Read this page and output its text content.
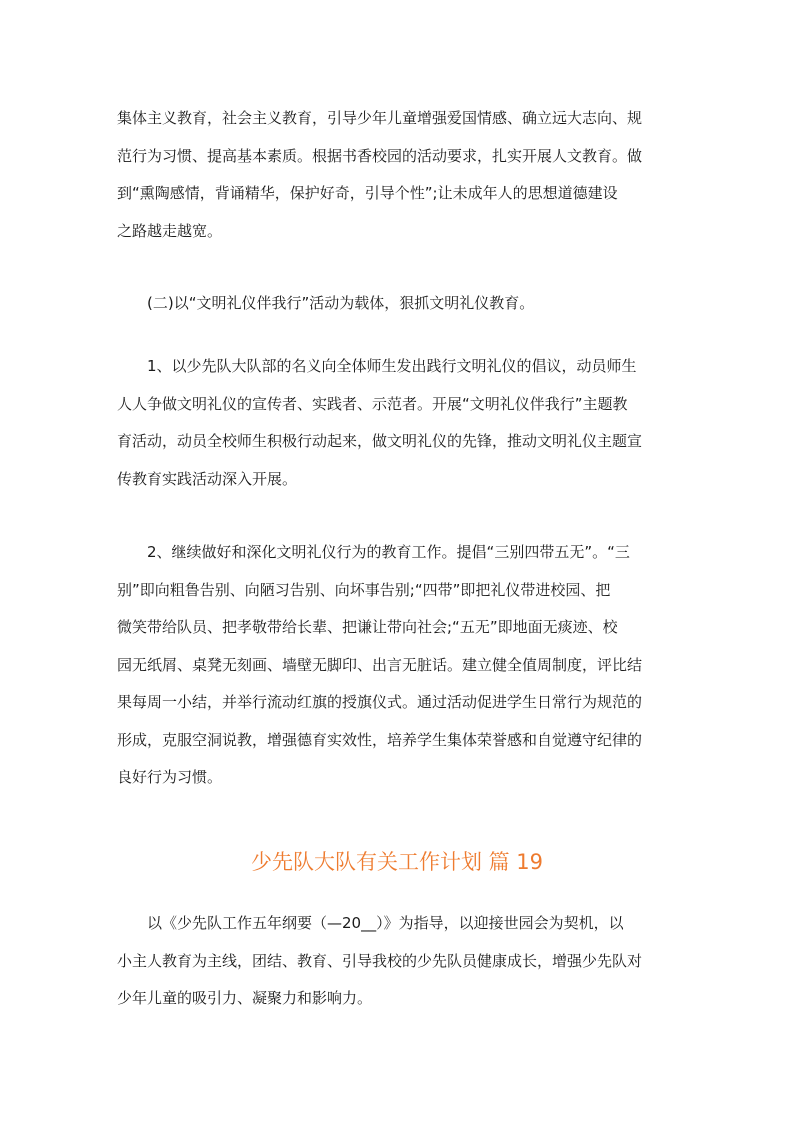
集体主义教育，社会主义教育，引导少年儿童增强爱国情感、确立远大志向、规
范行为习惯、提高基本素质。根据书香校园的活动要求，扎实开展人文教育。做
到“熏陶感情，背诵精华，保护好奇，引导个性”;让未成年人的思想道德建设
之路越走越宽。

　　(二)以“文明礼仪伴我行”活动为载体，狠抓文明礼仪教育。

　　1、以少先队大队部的名义向全体师生发出践行文明礼仪的倡议，动员师生
人人争做文明礼仪的宣传者、实践者、示范者。开展“文明礼仪伴我行”主题教
育活动，动员全校师生积极行动起来，做文明礼仪的先锋，推动文明礼仪主题宣
传教育实践活动深入开展。

　　2、继续做好和深化文明礼仪行为的教育工作。提倡“三别四带五无”。“三
别”即向粗鲁告别、向陋习告别、向坏事告别;“四带”即把礼仪带进校园、把
微笑带给队员、把孝敬带给长辈、把谦让带向社会;“五无”即地面无痰迹、校
园无纸屑、桌凳无刻画、墙壁无脚印、出言无脏话。建立健全值周制度，评比结
果每周一小结，并举行流动红旗的授旗仪式。通过活动促进学生日常行为规范的
形成，克服空洞说教，增强德育实效性，培养学生集体荣誉感和自觉遵守纪律的
良好行为习惯。

少先队大队有关工作计划 篇 19

　　以《少先队工作五年纲要（—20__）》为指导，以迎接世园会为契机，以
小主人教育为主线，团结、教育、引导我校的少先队员健康成长，增强少先队对
少年儿童的吸引力、凝聚力和影响力。
